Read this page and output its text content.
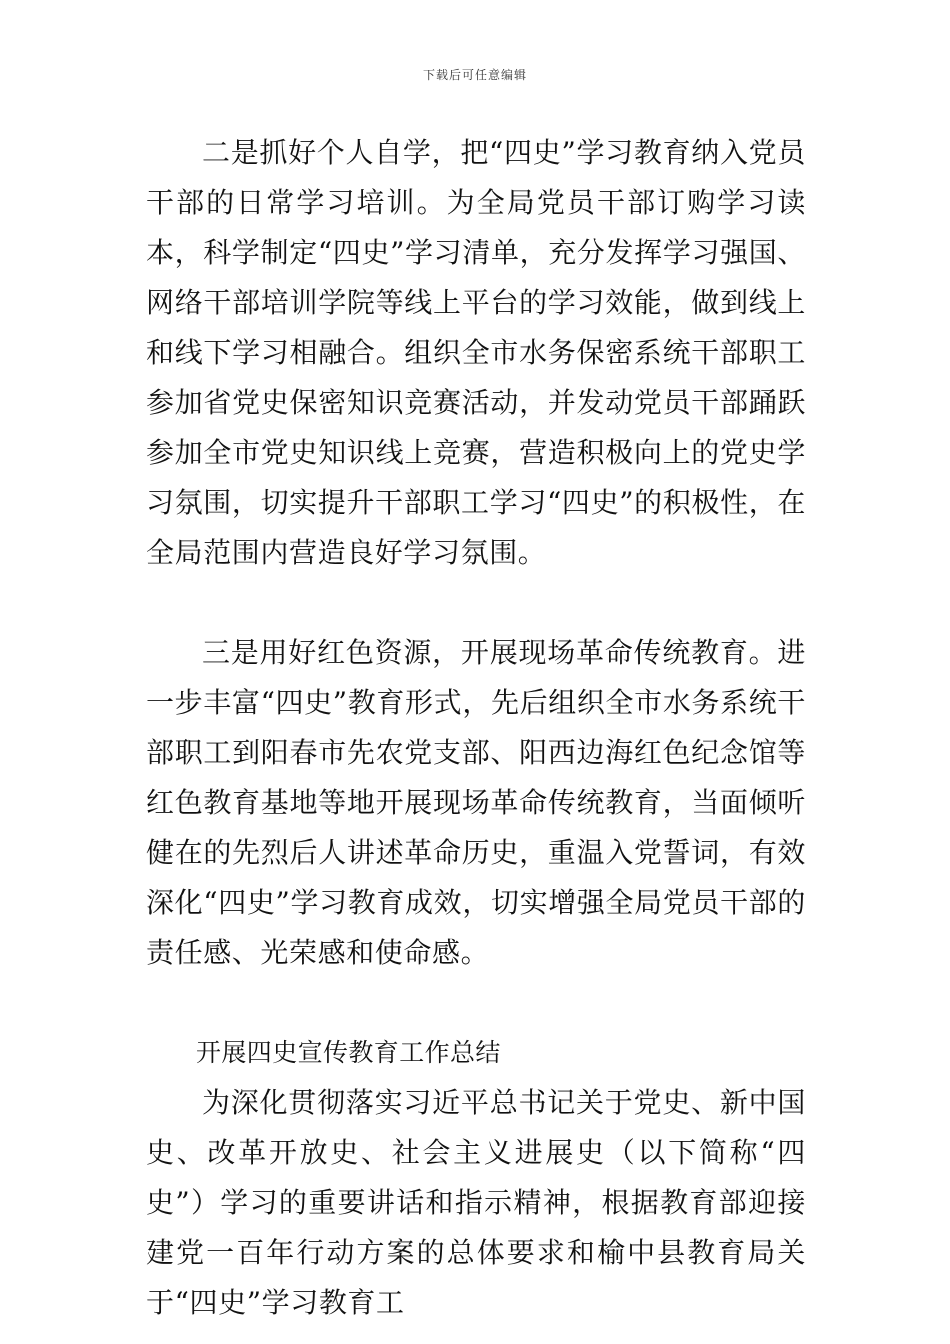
下载后可任意编辑

二是抓好个人自学，把“四史”学习教育纳入党员干部的日常学习培训。为全局党员干部订购学习读本，科学制定“四史”学习清单，充分发挥学习强国、网络干部培训学院等线上平台的学习效能，做到线上和线下学习相融合。组织全市水务保密系统干部职工参加省党史保密知识竞赛活动，并发动党员干部踊跃参加全市党史知识线上竞赛，营造积极向上的党史学习氛围，切实提升干部职工学习“四史”的积极性，在全局范围内营造良好学习氛围。

三是用好红色资源，开展现场革命传统教育。进一步丰富“四史”教育形式，先后组织全市水务系统干部职工到阳春市先农党支部、阳西边海红色纪念馆等红色教育基地等地开展现场革命传统教育，当面倾听健在的先烈后人讲述革命历史，重温入党誓词，有效深化“四史”学习教育成效，切实增强全局党员干部的责任感、光荣感和使命感。

开展四史宣传教育工作总结

为深化贯彻落实习近平总书记关于党史、新中国史、改革开放史、社会主义进展史（以下简称“四史”）学习的重要讲话和指示精神，根据教育部迎接建党一百年行动方案的总体要求和榆中县教育局关于“四史”学习教育工
